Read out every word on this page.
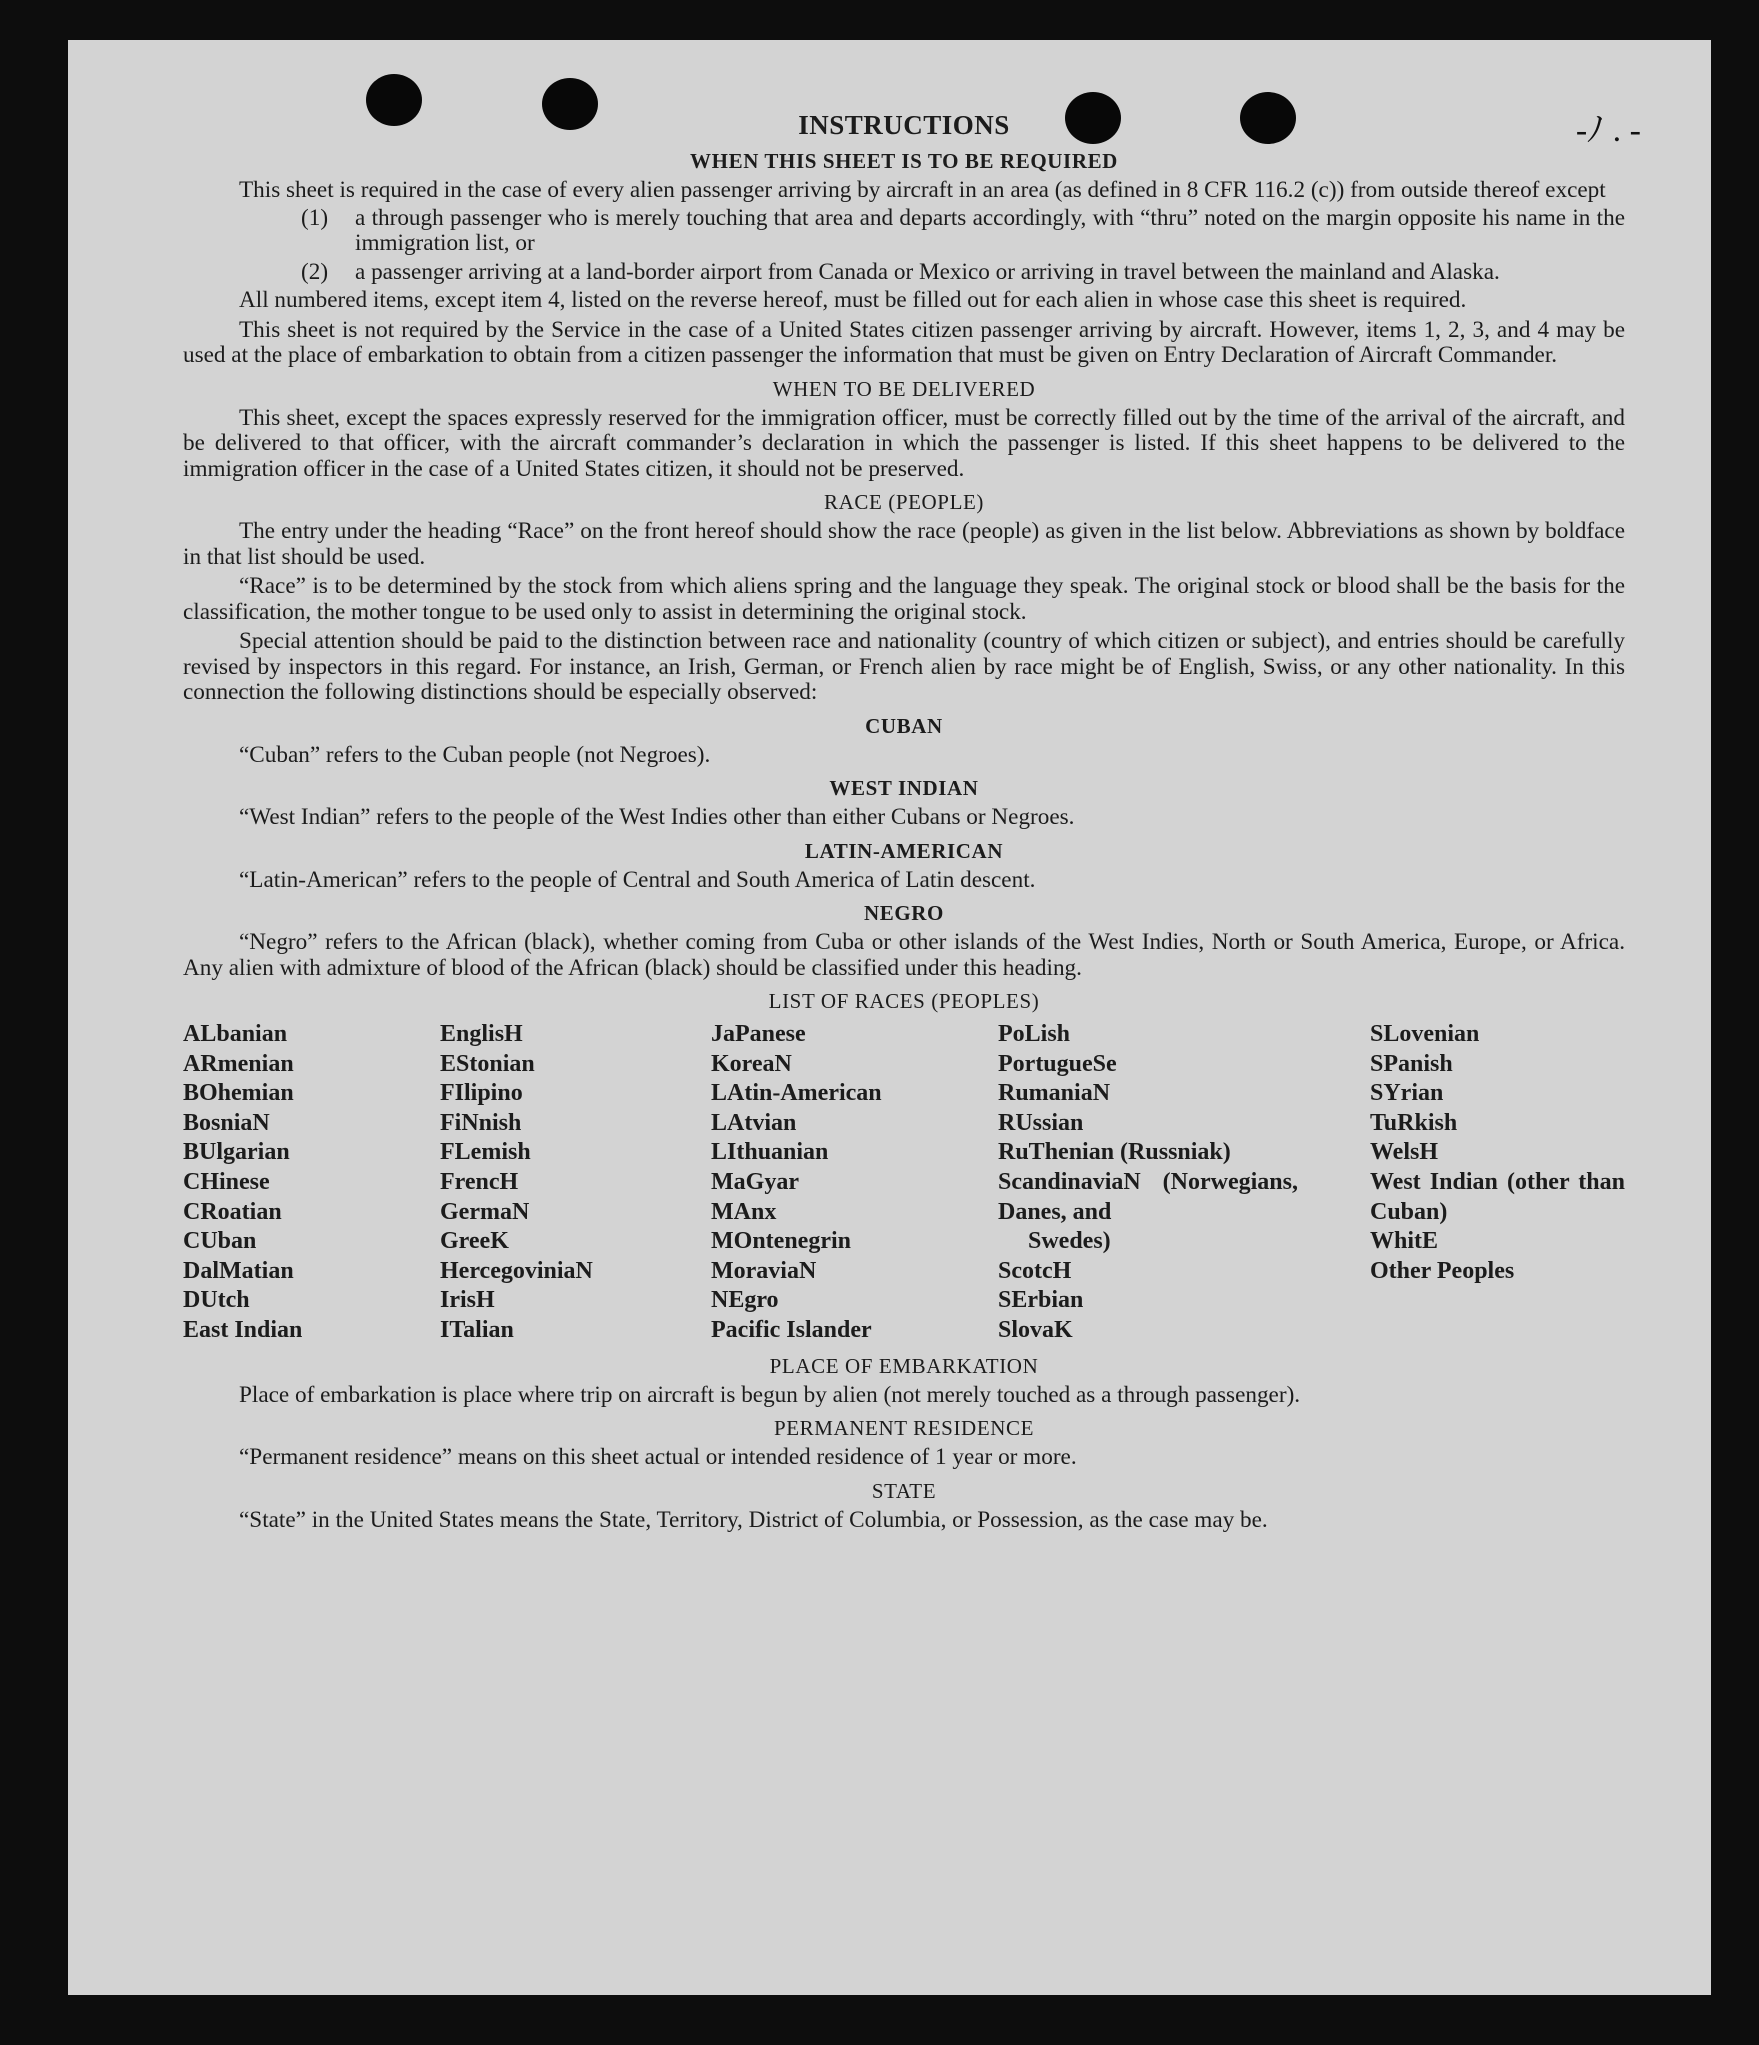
-ﾉ . -
INSTRUCTIONS
WHEN THIS SHEET IS TO BE REQUIRED

This sheet is required in the case of every alien passenger arriving by aircraft in an area (as defined in 8 CFR 116.2 (c)) from outside thereof except

(1)	a through passenger who is merely touching that area and departs accordingly, with “thru” noted on the margin opposite his name in the immigration list, or
(2)	a passenger arriving at a land-border airport from Canada or Mexico or arriving in travel between the mainland and Alaska.

All numbered items, except item 4, listed on the reverse hereof, must be filled out for each alien in whose case this sheet is required.

This sheet is not required by the Service in the case of a United States citizen passenger arriving by aircraft. However, items 1, 2, 3, and 4 may be used at the place of embarkation to obtain from a citizen passenger the information that must be given on Entry Declaration of Aircraft Commander.

WHEN TO BE DELIVERED

This sheet, except the spaces expressly reserved for the immigration officer, must be correctly filled out by the time of the arrival of the aircraft, and be delivered to that officer, with the aircraft commander’s declaration in which the passenger is listed. If this sheet happens to be delivered to the immigration officer in the case of a United States citizen, it should not be preserved.

RACE (PEOPLE)

The entry under the heading “Race” on the front hereof should show the race (people) as given in the list below. Abbreviations as shown by boldface in that list should be used.

“Race” is to be determined by the stock from which aliens spring and the language they speak. The original stock or blood shall be the basis for the classification, the mother tongue to be used only to assist in determining the original stock.

Special attention should be paid to the distinction between race and nationality (country of which citizen or subject), and entries should be carefully revised by inspectors in this regard. For instance, an Irish, German, or French alien by race might be of English, Swiss, or any other nationality. In this connection the following distinctions should be especially observed:

CUBAN
“Cuban” refers to the Cuban people (not Negroes).
WEST INDIAN
“West Indian” refers to the people of the West Indies other than either Cubans or Negroes.
LATIN-AMERICAN
“Latin-American” refers to the people of Central and South America of Latin descent.
NEGRO

“Negro” refers to the African (black), whether coming from Cuba or other islands of the West Indies, North or South America, Europe, or Africa. Any alien with admixture of blood of the African (black) should be classified under this heading.

LIST OF RACES (PEOPLES)
ALbanian
ARmenian
BOhemian
BosniaN
BUlgarian
CHinese
CRoatian
CUban
DalMatian
DUtch
East Indian
EnglisH
EStonian
FIlipino
FiNnish
FLemish
FrencH
GermaN
GreeK
HercegoviniaN
IrisH
ITalian
JaPanese
KoreaN
LAtin-American
LAtvian
LIthuanian
MaGyar
MAnx
MOntenegrin
MoraviaN
NEgro
Pacific Islander
PoLish
PortugueSe
RumaniaN
RUssian
RuThenian (Russniak)
ScandinaviaN (Norwegians, Danes, and
Swedes)
ScotcH
SErbian
SlovaK
SLovenian
SPanish
SYrian
TuRkish
WelsH
West Indian (other than Cuban)
WhitE
Other Peoples
PLACE OF EMBARKATION

Place of embarkation is place where trip on aircraft is begun by alien (not merely touched as a through passenger).

PERMANENT RESIDENCE
“Permanent residence” means on this sheet actual or intended residence of 1 year or more.
STATE

“State” in the United States means the State, Territory, District of Columbia, or Possession, as the case may be.
